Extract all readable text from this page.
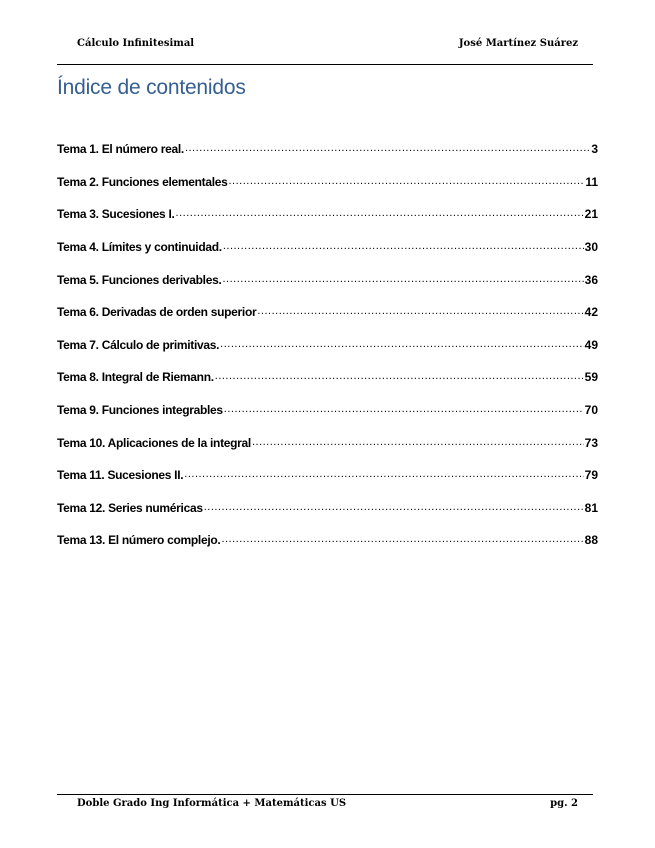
Cálculo Infinitesimal	José Martínez Suárez
Índice de contenidos
Tema 1. El número real. .....	3
Tema 2. Funciones elementales .....	11
Tema 3. Sucesiones I. .....	21
Tema 4. Límites y continuidad. .....	30
Tema 5. Funciones derivables. .....	36
Tema 6. Derivadas de orden superior .....	42
Tema 7. Cálculo de primitivas. .....	49
Tema 8. Integral de Riemann. .....	59
Tema 9. Funciones integrables .....	70
Tema 10. Aplicaciones de la integral .....	73
Tema 11. Sucesiones II. .....	79
Tema 12. Series numéricas .....	81
Tema 13. El número complejo. .....	88
Doble Grado Ing Informática + Matemáticas US	pg. 2
